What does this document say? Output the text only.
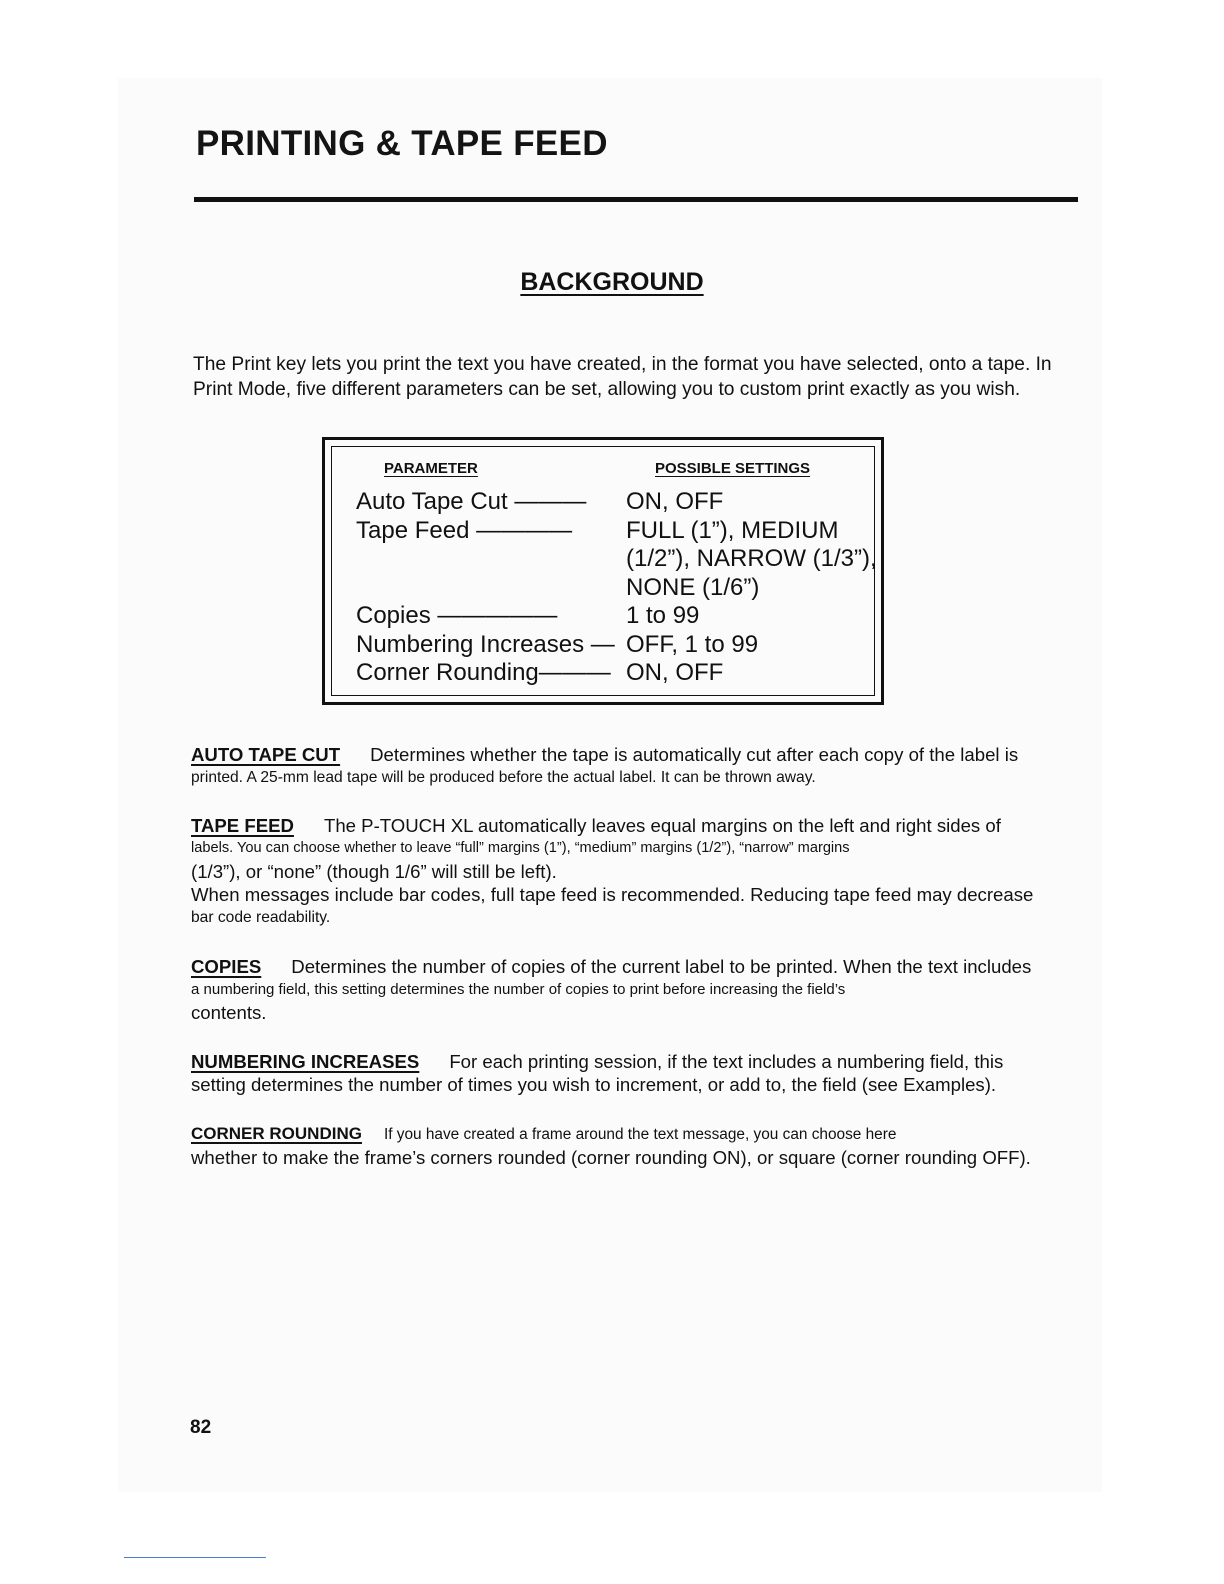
PRINTING & TAPE FEED
BACKGROUND
The Print key lets you print the text you have created, in the format you have selected, onto a tape. In Print Mode, five different parameters can be set, allowing you to custom print exactly as you wish.
PARAMETER	POSSIBLE SETTINGS
Auto Tape Cut ———
Tape Feed ————
Copies —————
Numbering Increases —
Corner Rounding———
ON, OFF
FULL (1”), MEDIUM
(1/2”), NARROW (1/3”),
NONE (1/6”)
1 to 99
OFF, 1 to 99
ON, OFF
AUTO TAPE CUT Determines whether the tape is automatically cut after each copy of the label is
printed. A 25-mm lead tape will be produced before the actual label. It can be thrown away.
TAPE FEED The P-TOUCH XL automatically leaves equal margins on the left and right sides of
labels. You can choose whether to leave “full” margins (1”), “medium” margins (1/2”), “narrow” margins
(1/3”), or “none” (though 1/6” will still be left).
When messages include bar codes, full tape feed is recommended. Reducing tape feed may decrease
bar code readability.
COPIES Determines the number of copies of the current label to be printed. When the text includes
a numbering field, this setting determines the number of copies to print before increasing the field’s
contents.
NUMBERING INCREASES For each printing session, if the text includes a numbering field, this
setting determines the number of times you wish to increment, or add to, the field (see Examples).
CORNER ROUNDING If you have created a frame around the text message, you can choose here
whether to make the frame’s corners rounded (corner rounding ON), or square (corner rounding OFF).
82
